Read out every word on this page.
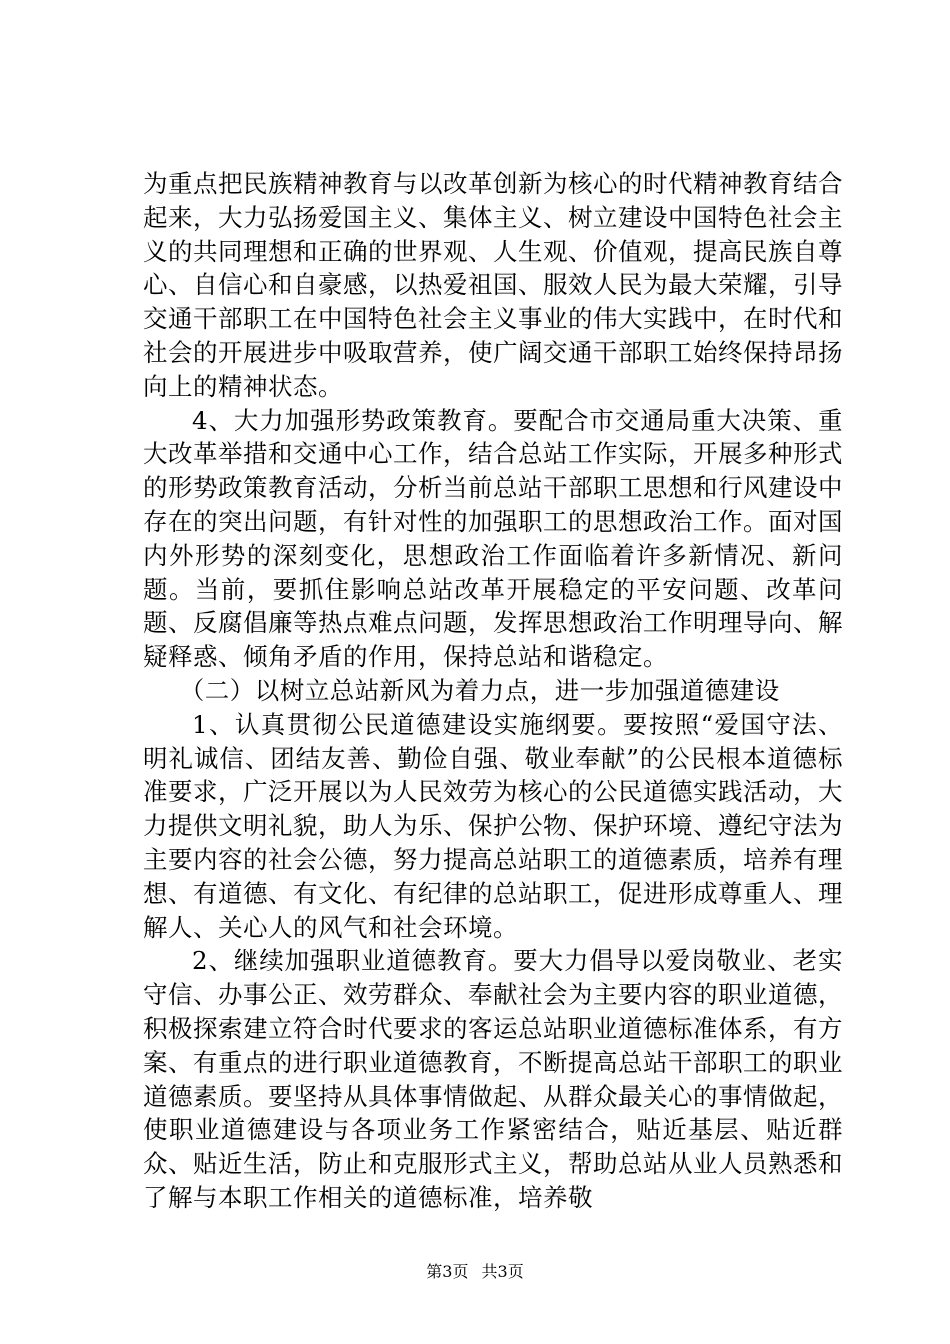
为重点把民族精神教育与以改革创新为核心的时代精神教育结合起来，大力弘扬爱国主义、集体主义、树立建设中国特色社会主义的共同理想和正确的世界观、人生观、价值观，提高民族自尊心、自信心和自豪感，以热爱祖国、服效人民为最大荣耀，引导交通干部职工在中国特色社会主义事业的伟大实践中，在时代和社会的开展进步中吸取营养，使广阔交通干部职工始终保持昂扬向上的精神状态。

4、大力加强形势政策教育。要配合市交通局重大决策、重大改革举措和交通中心工作，结合总站工作实际，开展多种形式的形势政策教育活动，分析当前总站干部职工思想和行风建设中存在的突出问题，有针对性的加强职工的思想政治工作。面对国内外形势的深刻变化，思想政治工作面临着许多新情况、新问题。当前，要抓住影响总站改革开展稳定的平安问题、改革问题、反腐倡廉等热点难点问题，发挥思想政治工作明理导向、解疑释惑、倾角矛盾的作用，保持总站和谐稳定。

（二）以树立总站新风为着力点，进一步加强道德建设

1、认真贯彻公民道德建设实施纲要。要按照“爱国守法、明礼诚信、团结友善、勤俭自强、敬业奉献”的公民根本道德标准要求，广泛开展以为人民效劳为核心的公民道德实践活动，大力提供文明礼貌，助人为乐、保护公物、保护环境、遵纪守法为主要内容的社会公德，努力提高总站职工的道德素质，培养有理想、有道德、有文化、有纪律的总站职工，促进形成尊重人、理解人、关心人的风气和社会环境。

2、继续加强职业道德教育。要大力倡导以爱岗敬业、老实守信、办事公正、效劳群众、奉献社会为主要内容的职业道德，积极探索建立符合时代要求的客运总站职业道德标准体系，有方案、有重点的进行职业道德教育，不断提高总站干部职工的职业道德素质。要坚持从具体事情做起、从群众最关心的事情做起，使职业道德建设与各项业务工作紧密结合，贴近基层、贴近群众、贴近生活，防止和克服形式主义，帮助总站从业人员熟悉和了解与本职工作相关的道德标准，培养敬

第3页 共3页
